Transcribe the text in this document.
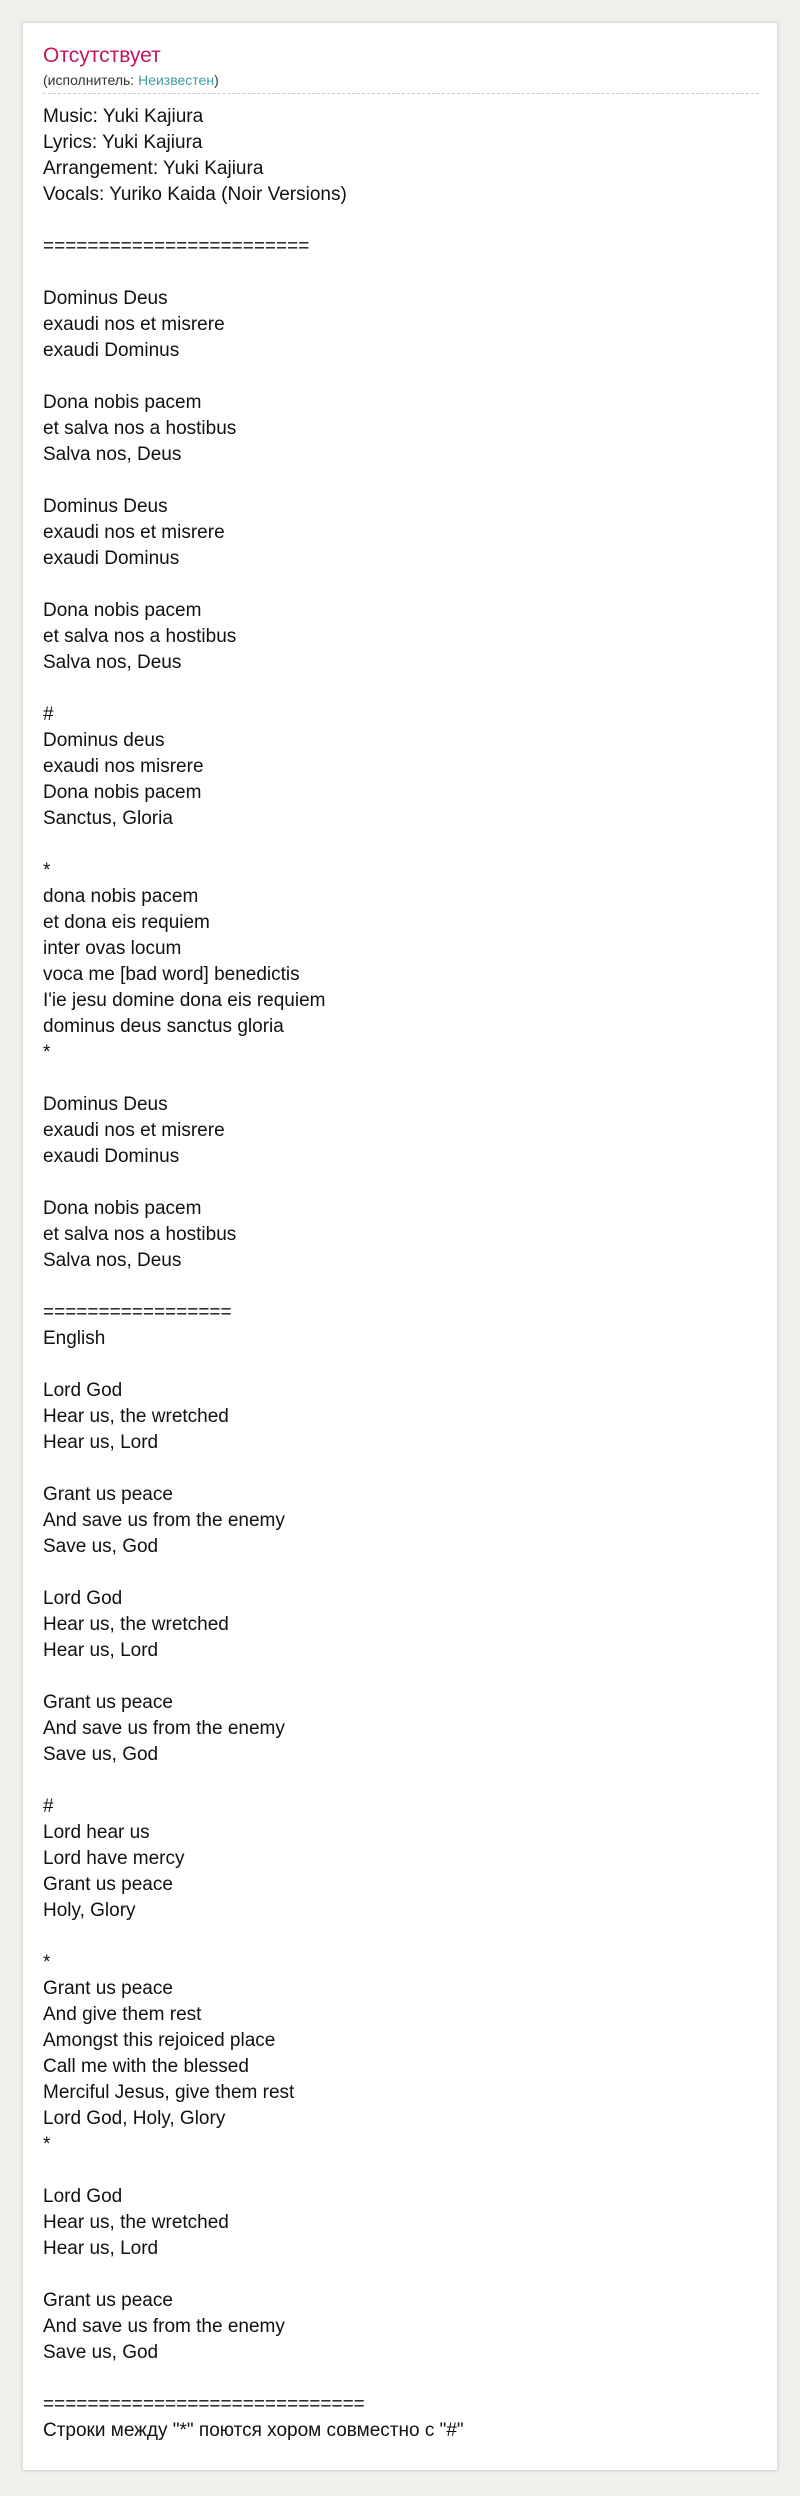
Отсутствует
(исполнитель: Неизвестен)
Music: Yuki Kajiura
Lyrics: Yuki Kajiura
Arrangement: Yuki Kajiura
Vocals: Yuriko Kaida (Noir Versions)
========================
Dominus Deus
exaudi nos et misrere
exaudi Dominus
Dona nobis pacem
et salva nos a hostibus
Salva nos, Deus
Dominus Deus
exaudi nos et misrere
exaudi Dominus
Dona nobis pacem
et salva nos a hostibus
Salva nos, Deus
#
Dominus deus
exaudi nos misrere
Dona nobis pacem
Sanctus, Gloria
*
dona nobis pacem
et dona eis requiem
inter ovas locum
voca me [bad word] benedictis
I'ie jesu domine dona eis requiem
dominus deus sanctus gloria
*
Dominus Deus
exaudi nos et misrere
exaudi Dominus
Dona nobis pacem
et salva nos a hostibus
Salva nos, Deus
=================
English
Lord God
Hear us, the wretched
Hear us, Lord
Grant us peace
And save us from the enemy
Save us, God
Lord God
Hear us, the wretched
Hear us, Lord
Grant us peace
And save us from the enemy
Save us, God
#
Lord hear us
Lord have mercy
Grant us peace
Holy, Glory
*
Grant us peace
And give them rest
Amongst this rejoiced place
Call me with the blessed
Merciful Jesus, give them rest
Lord God, Holy, Glory
*
Lord God
Hear us, the wretched
Hear us, Lord
Grant us peace
And save us from the enemy
Save us, God
=============================
Строки между "*" поются хором совместно с "#"
